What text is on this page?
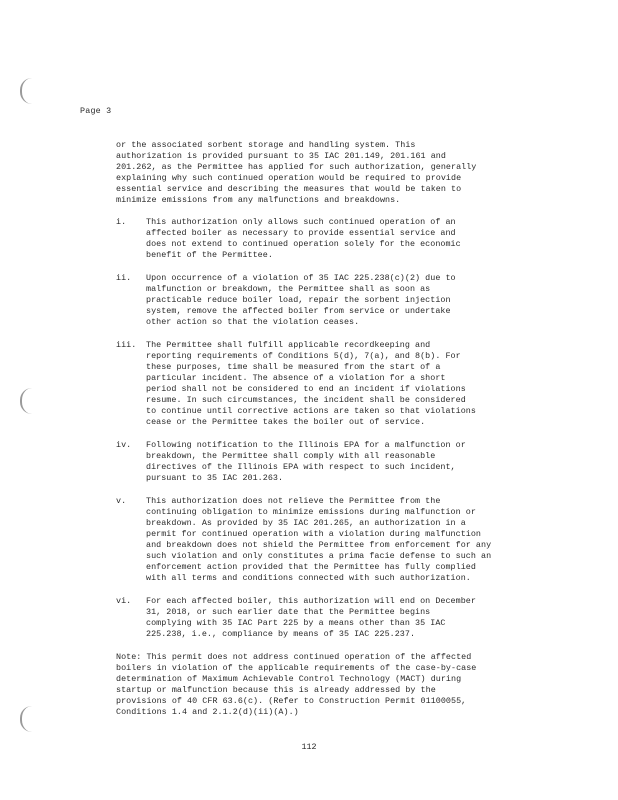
Page 3

or the associated sorbent storage and handling system. This
authorization is provided pursuant to 35 IAC 201.149, 201.161 and
201.262, as the Permittee has applied for such authorization, generally
explaining why such continued operation would be required to provide
essential service and describing the measures that would be taken to
minimize emissions from any malfunctions and breakdowns.

i. This authorization only allows such continued operation of an
affected boiler as necessary to provide essential service and
does not extend to continued operation solely for the economic
benefit of the Permittee.
ii. Upon occurrence of a violation of 35 IAC 225.238(c)(2) due to
malfunction or breakdown, the Permittee shall as soon as
practicable reduce boiler load, repair the sorbent injection
system, remove the affected boiler from service or undertake
other action so that the violation ceases.
iii. The Permittee shall fulfill applicable recordkeeping and
reporting requirements of Conditions 5(d), 7(a), and 8(b). For
these purposes, time shall be measured from the start of a
particular incident. The absence of a violation for a short
period shall not be considered to end an incident if violations
resume. In such circumstances, the incident shall be considered
to continue until corrective actions are taken so that violations
cease or the Permittee takes the boiler out of service.
iv. Following notification to the Illinois EPA for a malfunction or
breakdown, the Permittee shall comply with all reasonable
directives of the Illinois EPA with respect to such incident,
pursuant to 35 IAC 201.263.
v. This authorization does not relieve the Permittee from the
continuing obligation to minimize emissions during malfunction or
breakdown. As provided by 35 IAC 201.265, an authorization in a
permit for continued operation with a violation during malfunction
and breakdown does not shield the Permittee from enforcement for any
such violation and only constitutes a prima facie defense to such an
enforcement action provided that the Permittee has fully complied
with all terms and conditions connected with such authorization.
vi. For each affected boiler, this authorization will end on December
31, 2018, or such earlier date that the Permittee begins
complying with 35 IAC Part 225 by a means other than 35 IAC
225.238, i.e., compliance by means of 35 IAC 225.237.

Note: This permit does not address continued operation of the affected
boilers in violation of the applicable requirements of the case-by-case
determination of Maximum Achievable Control Technology (MACT) during
startup or malfunction because this is already addressed by the
provisions of 40 CFR 63.6(c). (Refer to Construction Permit 01100055,
Conditions 1.4 and 2.1.2(d)(ii)(A).)

112
